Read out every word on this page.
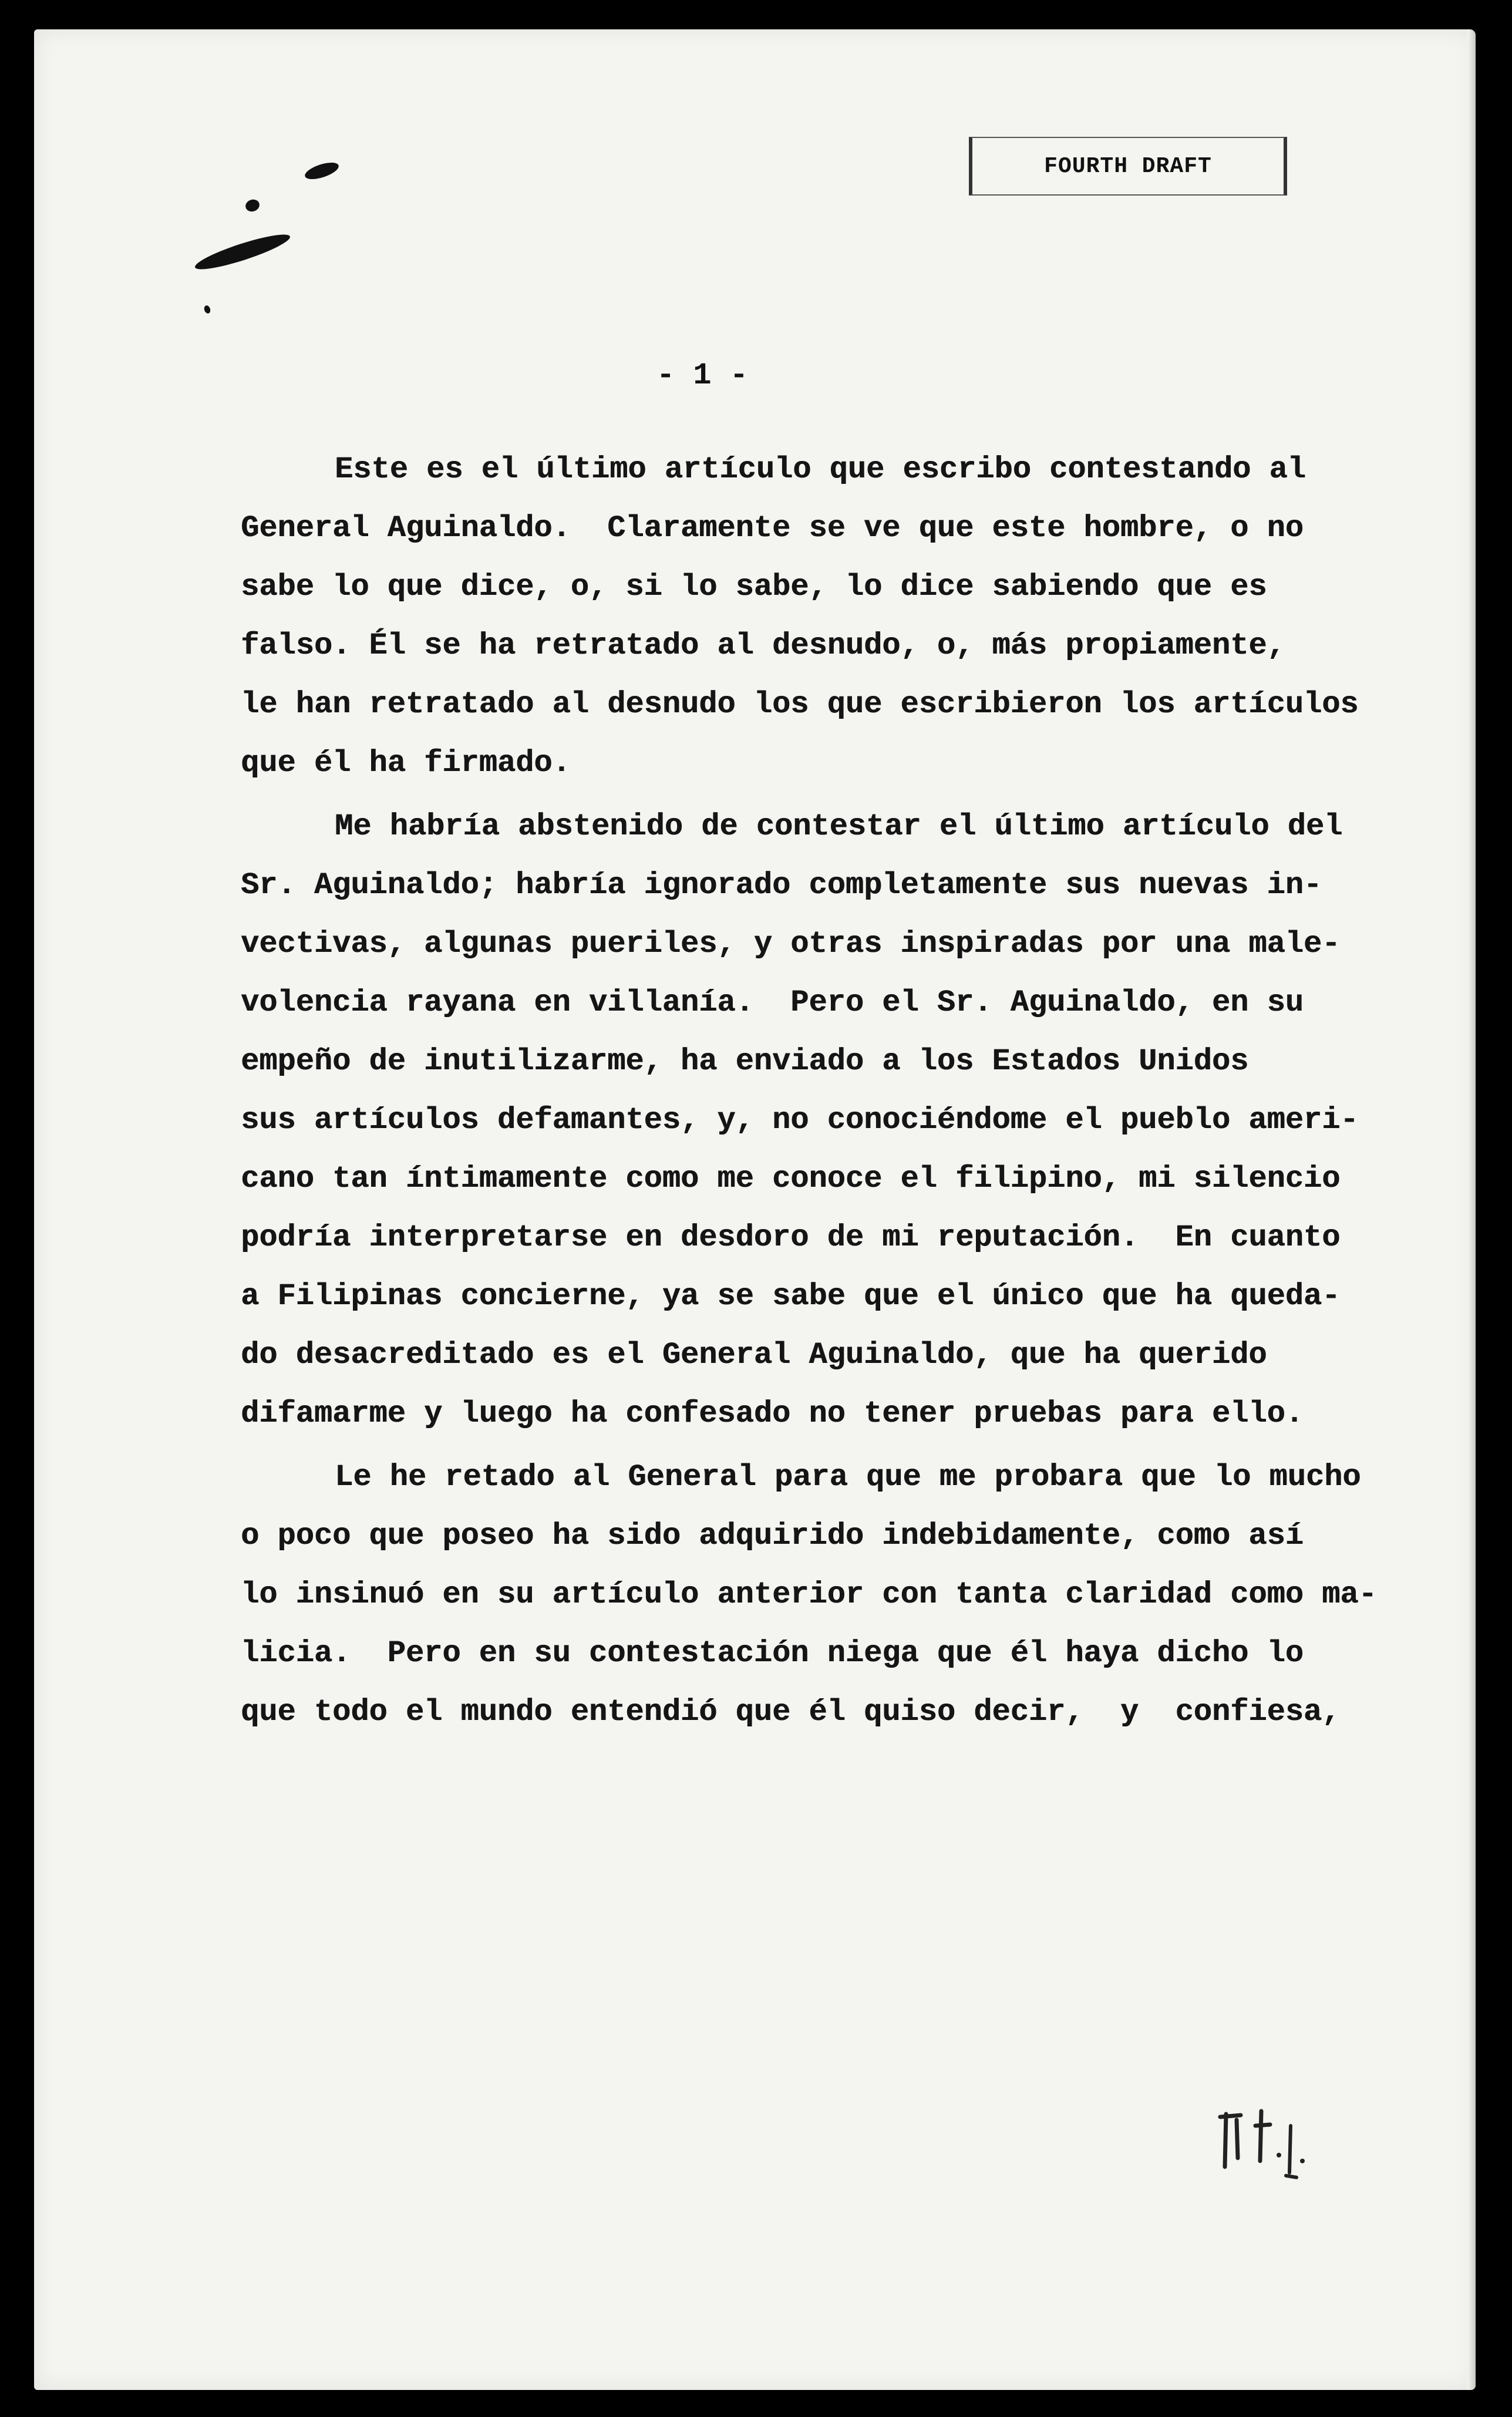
FOURTH DRAFT
- 1 -
Este es el último artículo que escribo contestando al
General Aguinaldo.  Claramente se ve que este hombre, o no
sabe lo que dice, o, si lo sabe, lo dice sabiendo que es
falso. Él se ha retratado al desnudo, o, más propiamente,
le han retratado al desnudo los que escribieron los artículos
que él ha firmado.
Me habría abstenido de contestar el último artículo del
Sr. Aguinaldo; habría ignorado completamente sus nuevas in-
vectivas, algunas pueriles, y otras inspiradas por una male-
volencia rayana en villanía.  Pero el Sr. Aguinaldo, en su
empeño de inutilizarme, ha enviado a los Estados Unidos
sus artículos defamantes, y, no conociéndome el pueblo ameri-
cano tan íntimamente como me conoce el filipino, mi silencio
podría interpretarse en desdoro de mi reputación.  En cuanto
a Filipinas concierne, ya se sabe que el único que ha queda-
do desacreditado es el General Aguinaldo, que ha querido
difamarme y luego ha confesado no tener pruebas para ello.
Le he retado al General para que me probara que lo mucho
o poco que poseo ha sido adquirido indebidamente, como así
lo insinuó en su artículo anterior con tanta claridad como ma-
licia.  Pero en su contestación niega que él haya dicho lo
que todo el mundo entendió que él quiso decir,  y  confiesa,
